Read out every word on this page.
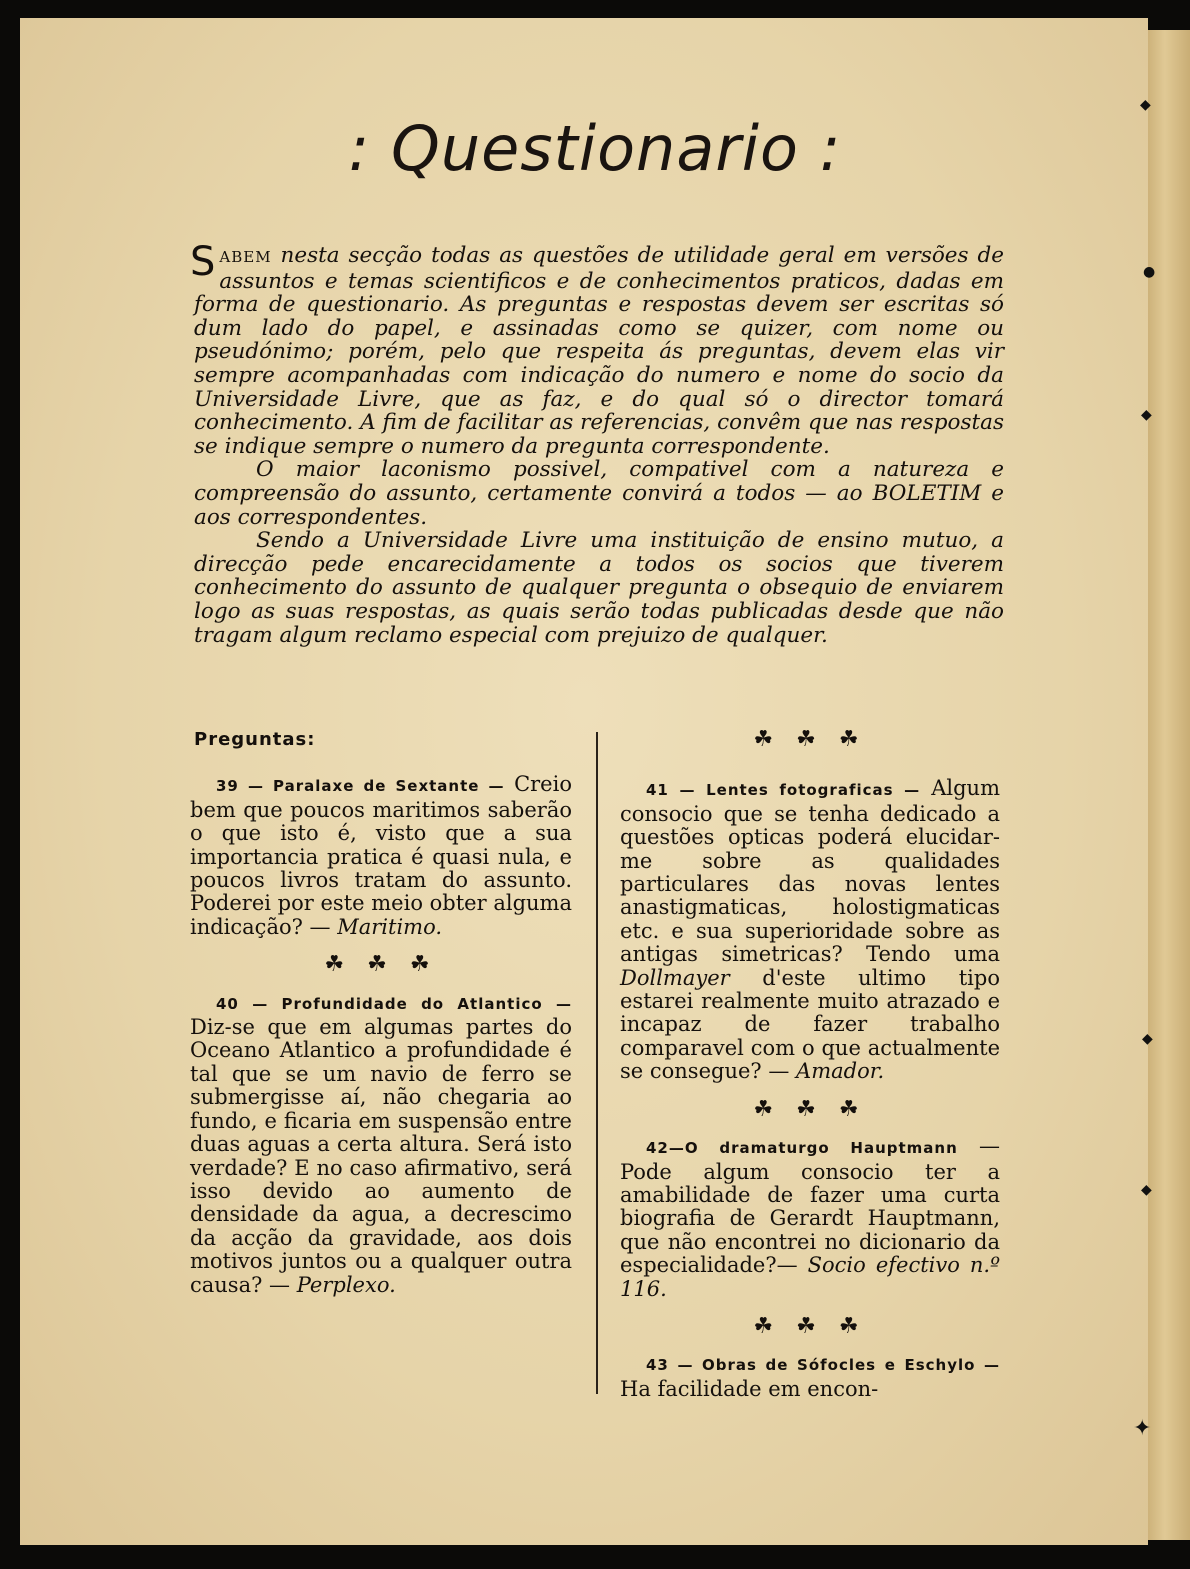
◆
●
◆
◆
◆
✦
: Questionario :

SABEM nesta secção todas as questões de utilidade geral em versões de assuntos e temas scientificos e de conhecimentos praticos, dadas em forma de questionario. As preguntas e respostas devem ser escritas só dum lado do papel, e assinadas como se quizer, com nome ou pseudónimo; porém, pelo que respeita ás preguntas, devem elas vir sempre acompanhadas com indicação do numero e nome do socio da Universidade Livre, que as faz, e do qual só o director tomará conhecimento. A fim de facilitar as referencias, convêm que nas respostas se indique sempre o numero da pregunta correspondente.

O maior laconismo possivel, compativel com a natureza e compreensão do assunto, certamente convirá a todos — ao BOLETIM e aos correspondentes.

Sendo a Universidade Livre uma instituição de ensino mutuo, a direcção pede encarecidamente a todos os socios que tiverem conhecimento do assunto de qualquer pregunta o obsequio de enviarem logo as suas respostas, as quais serão todas publicadas desde que não tragam algum reclamo especial com prejuizo de qualquer.

Preguntas:

39 — Paralaxe de Sextante — Creio bem que poucos maritimos saberão o que isto é, visto que a sua importancia pratica é quasi nula, e poucos livros tratam do assunto. Poderei por este meio obter alguma indicação? — Maritimo.

☘ ☘ ☘

40 — Profundidade do Atlantico — Diz-se que em algumas partes do Oceano Atlantico a profundidade é tal que se um navio de ferro se submergisse aí, não chegaria ao fundo, e ficaria em suspensão entre duas aguas a certa altura. Será isto verdade? E no caso afirmativo, será isso devido ao aumento de densidade da agua, a decrescimo da acção da gravidade, aos dois motivos juntos ou a qualquer outra causa? — Perplexo.

☘ ☘ ☘

41 — Lentes fotograficas — Algum consocio que se tenha dedicado a questões opticas poderá elucidar-me sobre as qualidades particulares das novas lentes anastigmaticas, holostigmaticas etc. e sua superioridade sobre as antigas simetricas? Tendo uma Dollmayer d'este ultimo tipo estarei realmente muito atrazado e incapaz de fazer trabalho comparavel com o que actualmente se consegue? — Amador.

☘ ☘ ☘

42—O dramaturgo Hauptmann — Pode algum consocio ter a amabilidade de fazer uma curta biografia de Gerardt Hauptmann, que não encontrei no dicionario da especialidade?— Socio efectivo n.º 116.

☘ ☘ ☘

43 — Obras de Sófocles e Eschylo — Ha facilidade em encon-
